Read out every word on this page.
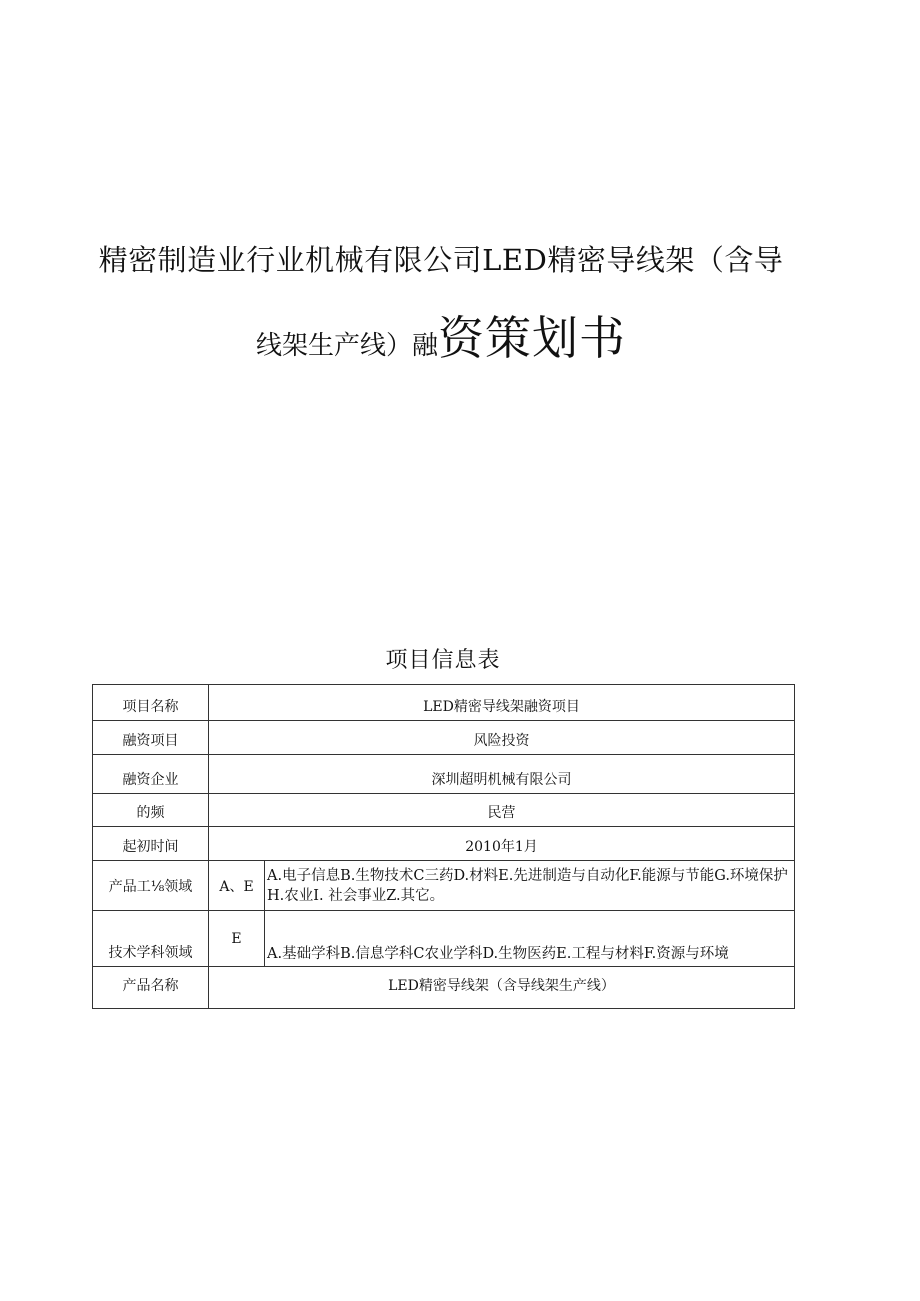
精密制造业行业机械有限公司LED精密导线架（含导
线架生产线）融资策划书
项目信息表
项目名称	LED精密导线架融资项目	
融资项目	风险投资	
融资企业	深圳超明机械有限公司	
的频	民营	
起初时间	2010年1月	
产品工⅛领域	A、E	A.电子信息B.生物技术C三药D.材料E.先进制造与自动化F.能源与节能G.环境保护H.农业I. 社会事业Z.其它。
技术学科领域	E	A.基础学科B.信息学科C农业学科D.生物医药E.工程与材料F.资源与环境
产品名称	LED精密导线架（含导线架生产线）	
